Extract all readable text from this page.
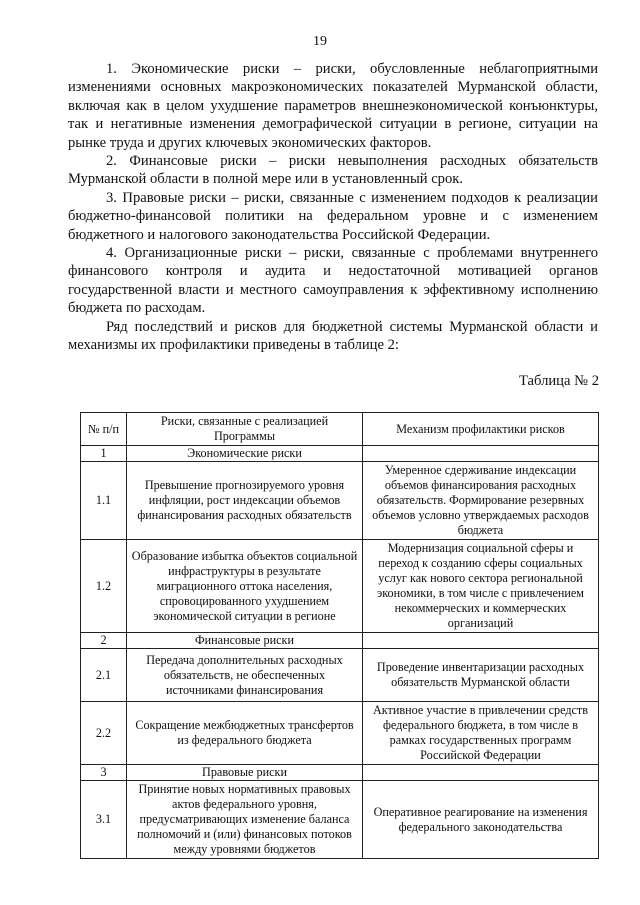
19

1. Экономические риски – риски, обусловленные неблагоприятными изменениями основных макроэкономических показателей Мурманской области, включая как в целом ухудшение параметров внешнеэкономической конъюнктуры, так и негативные изменения демографической ситуации в регионе, ситуации на рынке труда и других ключевых экономических факторов.

2. Финансовые риски – риски невыполнения расходных обязательств Мурманской области в полной мере или в установленный срок.

3. Правовые риски – риски, связанные с изменением подходов к реализации бюджетно-финансовой политики на федеральном уровне и с изменением бюджетного и налогового законодательства Российской Федерации.

4. Организационные риски – риски, связанные с проблемами внутреннего финансового контроля и аудита и недостаточной мотивацией органов государственной власти и местного самоуправления к эффективному исполнению бюджета по расходам.

Ряд последствий и рисков для бюджетной системы Мурманской области и механизмы их профилактики приведены в таблице 2:

Таблица № 2
№ п/п	Риски, связанные с реализацией Программы	Механизм профилактики рисков
1	Экономические риски	
1.1	Превышение прогнозируемого уровня инфляции, рост индексации объемов финансирования расходных обязательств	Умеренное сдерживание индексации объемов финансирования расходных обязательств. Формирование резервных объемов условно утверждаемых расходов бюджета
1.2	Образование избытка объектов социальной инфраструктуры в результате миграционного оттока населения, спровоцированного ухудшением экономической ситуации в регионе	Модернизация социальной сферы и переход к созданию сферы социальных услуг как нового сектора региональной экономики, в том числе с привлечением некоммерческих и коммерческих организаций
2	Финансовые риски	
2.1	Передача дополнительных расходных обязательств, не обеспеченных источниками финансирования	Проведение инвентаризации расходных обязательств Мурманской области
2.2	Сокращение межбюджетных трансфертов из федерального бюджета	Активное участие в привлечении средств федерального бюджета, в том числе в рамках государственных программ Российской Федерации
3	Правовые риски	
3.1	Принятие новых нормативных правовых актов федерального уровня, предусматривающих изменение баланса полномочий и (или) финансовых потоков между уровнями бюджетов	Оперативное реагирование на изменения федерального законодательства
